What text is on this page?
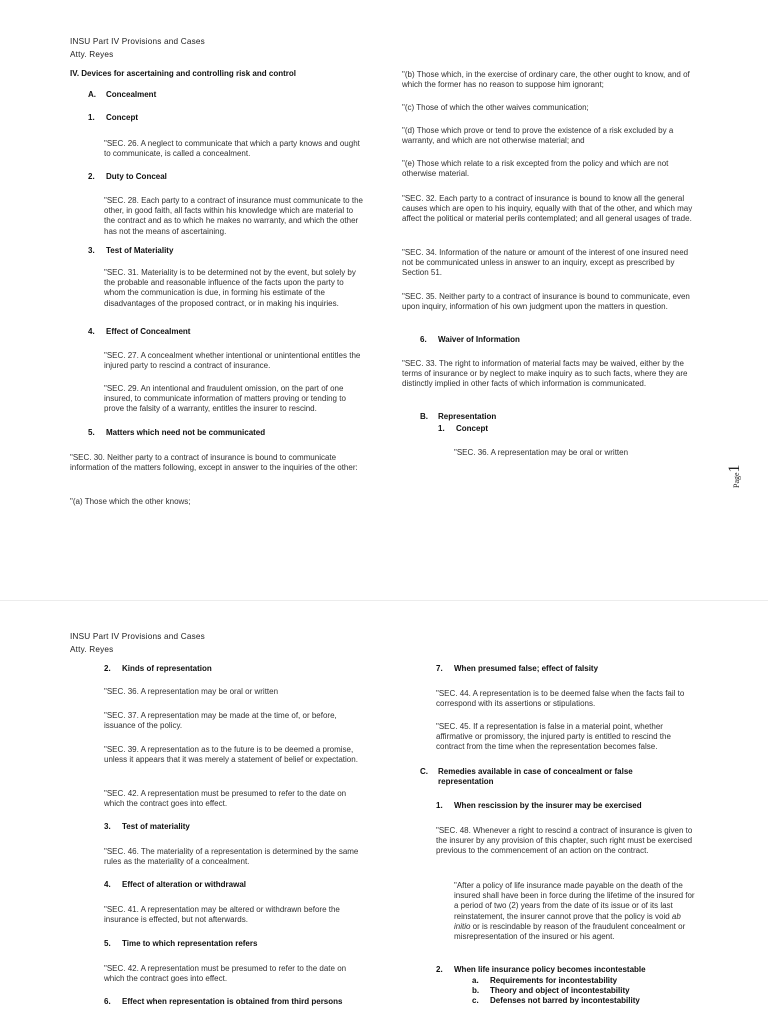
INSU Part IV Provisions and Cases
Atty. Reyes
IV. Devices for ascertaining and controlling risk and control
A. Concealment
1. Concept
"SEC. 26. A neglect to communicate that which a party knows and ought to communicate, is called a concealment.
2. Duty to Conceal
"SEC. 28. Each party to a contract of insurance must communicate to the other, in good faith, all facts within his knowledge which are material to the contract and as to which he makes no warranty, and which the other has not the means of ascertaining.
3. Test of Materiality
"SEC. 31. Materiality is to be determined not by the event, but solely by the probable and reasonable influence of the facts upon the party to whom the communication is due, in forming his estimate of the disadvantages of the proposed contract, or in making his inquiries.
4. Effect of Concealment
"SEC. 27. A concealment whether intentional or unintentional entitles the injured party to rescind a contract of insurance.
"SEC. 29. An intentional and fraudulent omission, on the part of one insured, to communicate information of matters proving or tending to prove the falsity of a warranty, entitles the insurer to rescind.
5. Matters which need not be communicated
"SEC. 30. Neither party to a contract of insurance is bound to communicate information of the matters following, except in answer to the inquiries of the other:
"(a) Those which the other knows;
"(b) Those which, in the exercise of ordinary care, the other ought to know, and of which the former has no reason to suppose him ignorant;
"(c) Those of which the other waives communication;
"(d) Those which prove or tend to prove the existence of a risk excluded by a warranty, and which are not otherwise material; and
"(e) Those which relate to a risk excepted from the policy and which are not otherwise material.
"SEC. 32. Each party to a contract of insurance is bound to know all the general causes which are open to his inquiry, equally with that of the other, and which may affect the political or material perils contemplated; and all general usages of trade.
"SEC. 34. Information of the nature or amount of the interest of one insured need not be communicated unless in answer to an inquiry, except as prescribed by Section 51.
"SEC. 35. Neither party to a contract of insurance is bound to communicate, even upon inquiry, information of his own judgment upon the matters in question.
6. Waiver of Information
"SEC. 33. The right to information of material facts may be waived, either by the terms of insurance or by neglect to make inquiry as to such facts, where they are distinctly implied in other facts of which information is communicated.
B. Representation
1. Concept
"SEC. 36. A representation may be oral or written
Page1
INSU Part IV Provisions and Cases
Atty. Reyes
2. Kinds of representation
"SEC. 36. A representation may be oral or written
"SEC. 37. A representation may be made at the time of, or before, issuance of the policy.
"SEC. 39. A representation as to the future is to be deemed a promise, unless it appears that it was merely a statement of belief or expectation.
"SEC. 42. A representation must be presumed to refer to the date on which the contract goes into effect.
3. Test of materiality
"SEC. 46. The materiality of a representation is determined by the same rules as the materiality of a concealment.
4. Effect of alteration or withdrawal
"SEC. 41. A representation may be altered or withdrawn before the insurance is effected, but not afterwards.
5. Time to which representation refers
"SEC. 42. A representation must be presumed to refer to the date on which the contract goes into effect.
6. Effect when representation is obtained from third persons
7. When presumed false; effect of falsity
"SEC. 44. A representation is to be deemed false when the facts fail to correspond with its assertions or stipulations.
"SEC. 45. If a representation is false in a material point, whether affirmative or promissory, the injured party is entitled to rescind the contract from the time when the representation becomes false.
C. Remedies available in case of concealment or false
representation
1. When rescission by the insurer may be exercised
"SEC. 48. Whenever a right to rescind a contract of insurance is given to the insurer by any provision of this chapter, such right must be exercised previous to the commencement of an action on the contract.
"After a policy of life insurance made payable on the death of the insured shall have been in force during the lifetime of the insured for a period of two (2) years from the date of its issue or of its last reinstatement, the insurer cannot prove that the policy is void ab initio or is rescindable by reason of the fraudulent concealment or misrepresentation of the insured or his agent.
2. When life insurance policy becomes incontestable
a. Requirements for incontestability
b. Theory and object of incontestability
c. Defenses not barred by incontestability
